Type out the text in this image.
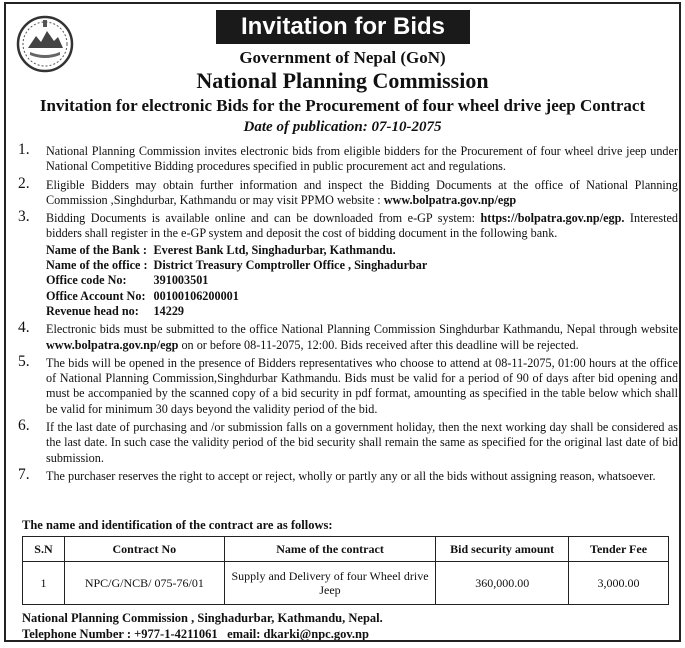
Invitation for Bids
Government of Nepal (GoN)
National Planning Commission
Invitation for electronic Bids for the Procurement of four wheel drive jeep Contract
Date of publication: 07-10-2075
1. National Planning Commission invites electronic bids from eligible bidders for the Procurement of four wheel drive jeep under National Competitive Bidding procedures specified in public procurement act and regulations.
2. Eligible Bidders may obtain further information and inspect the Bidding Documents at the office of National Planning Commission ,Singhdurbar, Kathmandu or may visit PPMO website : www.bolpatra.gov.np/egp
3. Bidding Documents is available online and can be downloaded from e-GP system: https://bolpatra.gov.np/egp. Interested bidders shall register in the e-GP system and deposit the cost of bidding document in the following bank.
Name of the Bank : Everest Bank Ltd, Singhadurbar, Kathmandu.
Name of the office : District Treasury Comptroller Office , Singhadurbar
Office code No:	391003501
Office Account No: 00100106200001
Revenue head no:	14229
4. Electronic bids must be submitted to the office National Planning Commission Singhdurbar Kathmandu, Nepal through website www.bolpatra.gov.np/egp on or before 08-11-2075, 12:00. Bids received after this deadline will be rejected.
5. The bids will be opened in the presence of Bidders representatives who choose to attend at 08-11-2075, 01:00 hours at the office of National Planning Commission,Singhdurbar Kathmandu. Bids must be valid for a period of 90 of days after bid opening and must be accompanied by the scanned copy of a bid security in pdf format, amounting as specified in the table below which shall be valid for minimum 30 days beyond the validity period of the bid.
6. If the last date of purchasing and /or submission falls on a government holiday, then the next working day shall be considered as the last date. In such case the validity period of the bid security shall remain the same as specified for the original last date of bid submission.
7. The purchaser reserves the right to accept or reject, wholly or partly any or all the bids without assigning reason, whatsoever.
The name and identification of the contract are as follows:
S.N	Contract No	Name of the contract	Bid security amount	Tender Fee
1	NPC/G/NCB/ 075-76/01	Supply and Delivery of four Wheel drive Jeep	360,000.00	3,000.00
National Planning Commission , Singhadurbar, Kathmandu, Nepal.
Telephone Number : +977-1-4211061 email: dkarki@npc.gov.np
